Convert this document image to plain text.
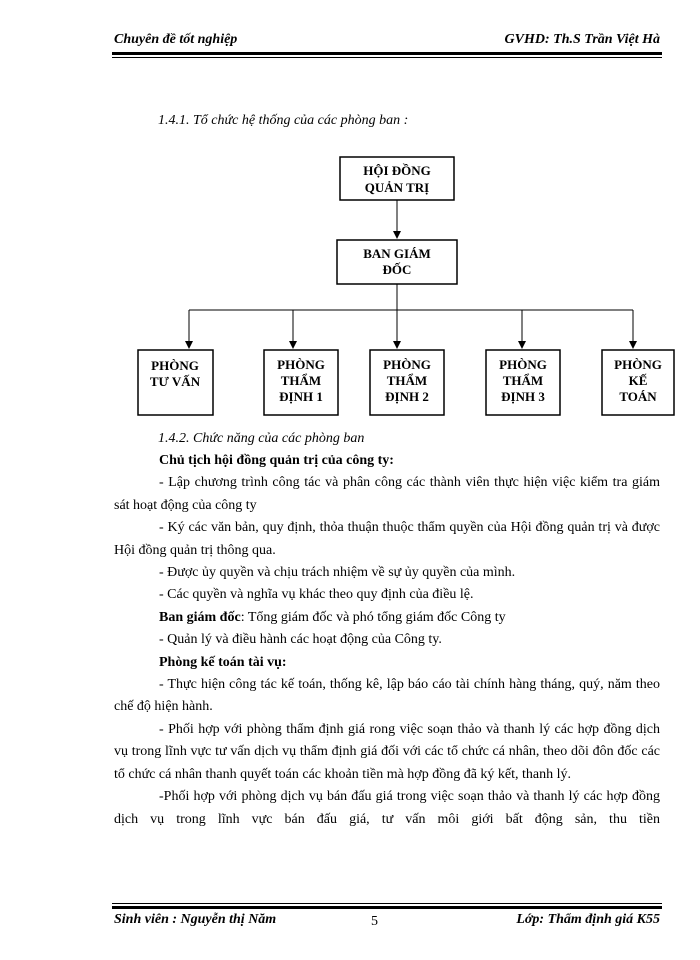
Chuyên đề tốt nghiệp	GVHD: Th.S Trần Việt Hà
1.4.1. Tổ chức hệ thống của các phòng ban :
HỘI ĐỒNG
QUẢN TRỊ
BAN GIÁM
ĐỐC
PHÒNG
TƯ VẤN
PHÒNG
THẨM
ĐỊNH 1
PHÒNG
THẨM
ĐỊNH 2
PHÒNG
THẨM
ĐỊNH 3
PHÒNG
KẾ
TOÁN
1.4.2. Chức năng của các phòng ban

Chủ tịch hội đồng quản trị của công ty:

- Lập chương trình công tác và phân công các thành viên thực hiện việc kiểm tra giám sát hoạt động của công ty

- Ký các văn bản, quy định, thỏa thuận thuộc thẩm quyền của Hội đồng quản trị và được Hội đồng quản trị thông qua.

- Được ủy quyền và chịu trách nhiệm về sự ủy quyền của mình.

- Các quyền và nghĩa vụ khác theo quy định của điều lệ.

Ban giám đốc: Tổng giám đốc và phó tổng giám đốc Công ty

- Quản lý và điều hành các hoạt động của Công ty.

Phòng kế toán tài vụ:

- Thực hiện công tác kế toán, thống kê, lập báo cáo tài chính hàng tháng, quý, năm theo chế độ hiện hành.

- Phối hợp với phòng thẩm định giá rong việc soạn thảo và thanh lý các hợp đồng dịch vụ trong lĩnh vực tư vấn dịch vụ thẩm định giá đối với các tổ chức cá nhân, theo dõi đôn đốc các tổ chức cá nhân thanh quyết toán các khoản tiền mà hợp đồng đã ký kết, thanh lý.

-Phối hợp với phòng dịch vụ bán đấu giá trong việc soạn thảo và thanh lý các hợp đồng dịch vụ trong lĩnh vực bán đấu giá, tư vấn môi giới bất động sản, thu tiền

Sinh viên : Nguyễn thị Năm	5	Lớp: Thẩm định giá K55
